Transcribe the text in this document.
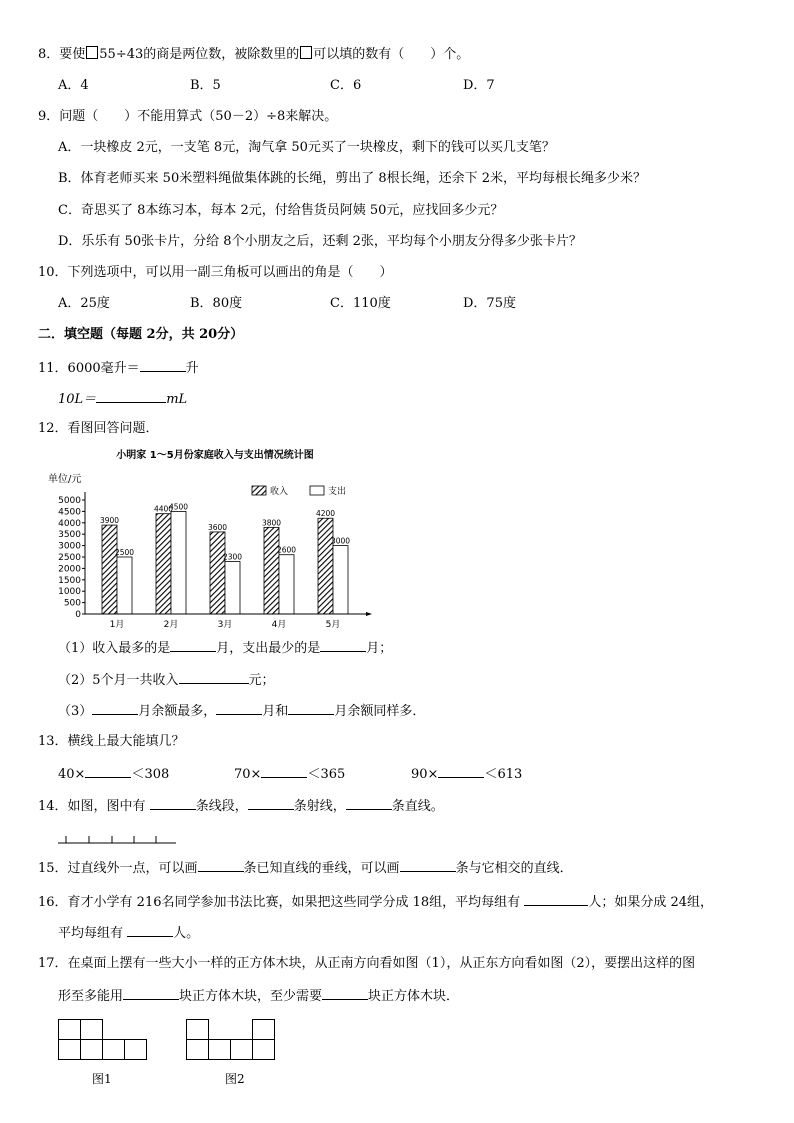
8．要使 55÷43的商是两位数，被除数里的 可以填的数有（　　）个。
A．4	B．5	C．6	D．7
9．问题（　　）不能用算式（50－2）÷8来解决。
A．一块橡皮 2元，一支笔 8元，淘气拿 50元买了一块橡皮，剩下的钱可以买几支笔？
B．体育老师买来 50米塑料绳做集体跳的长绳，剪出了 8根长绳，还余下 2米，平均每根长绳多少米？
C．奇思买了 8本练习本，每本 2元，付给售货员阿姨 50元，应找回多少元？
D．乐乐有 50张卡片，分给 8个小朋友之后，还剩 2张，平均每个小朋友分得多少张卡片？
10．下列选项中，可以用一副三角板可以画出的角是（　　）
A．25度	B．80度	C．110度	D．75度
二．填空题（每题 2分，共 20分）
11．6000毫升＝	升
10L＝	mL
12．看图回答问题．
小明家 1～5月份家庭收入与支出情况统计图
单位/元
0
500
1000
1500
2000
2500
3000
3500
4000
4500
5000
3900
2500
4400
4500
3600
2300
3800
2600
4200
3000
1月	2月	3月	4月	5月
收入	支出
（1）收入最多的是	月，支出最少的是	月；
（2）5个月一共收入	元；
（3）	月余额最多，	月和	月余额同样多．
13．横线上最大能填几？
40×	＜308	70×	＜365	90×	＜613
14．如图，图中有	条线段，	条射线，	条直线。
15．过直线外一点，可以画	条已知直线的垂线，可以画	条与它相交的直线．
16．育才小学有 216名同学参加书法比赛，如果把这些同学分成 18组，平均每组有	人；如果分成 24组，
平均每组有	人。
17．在桌面上摆有一些大小一样的正方体木块，从正南方向看如图（1），从正东方向看如图（2），要摆出这样的图
形至多能用	块正方体木块，至少需要	块正方体木块．
图1	图2
